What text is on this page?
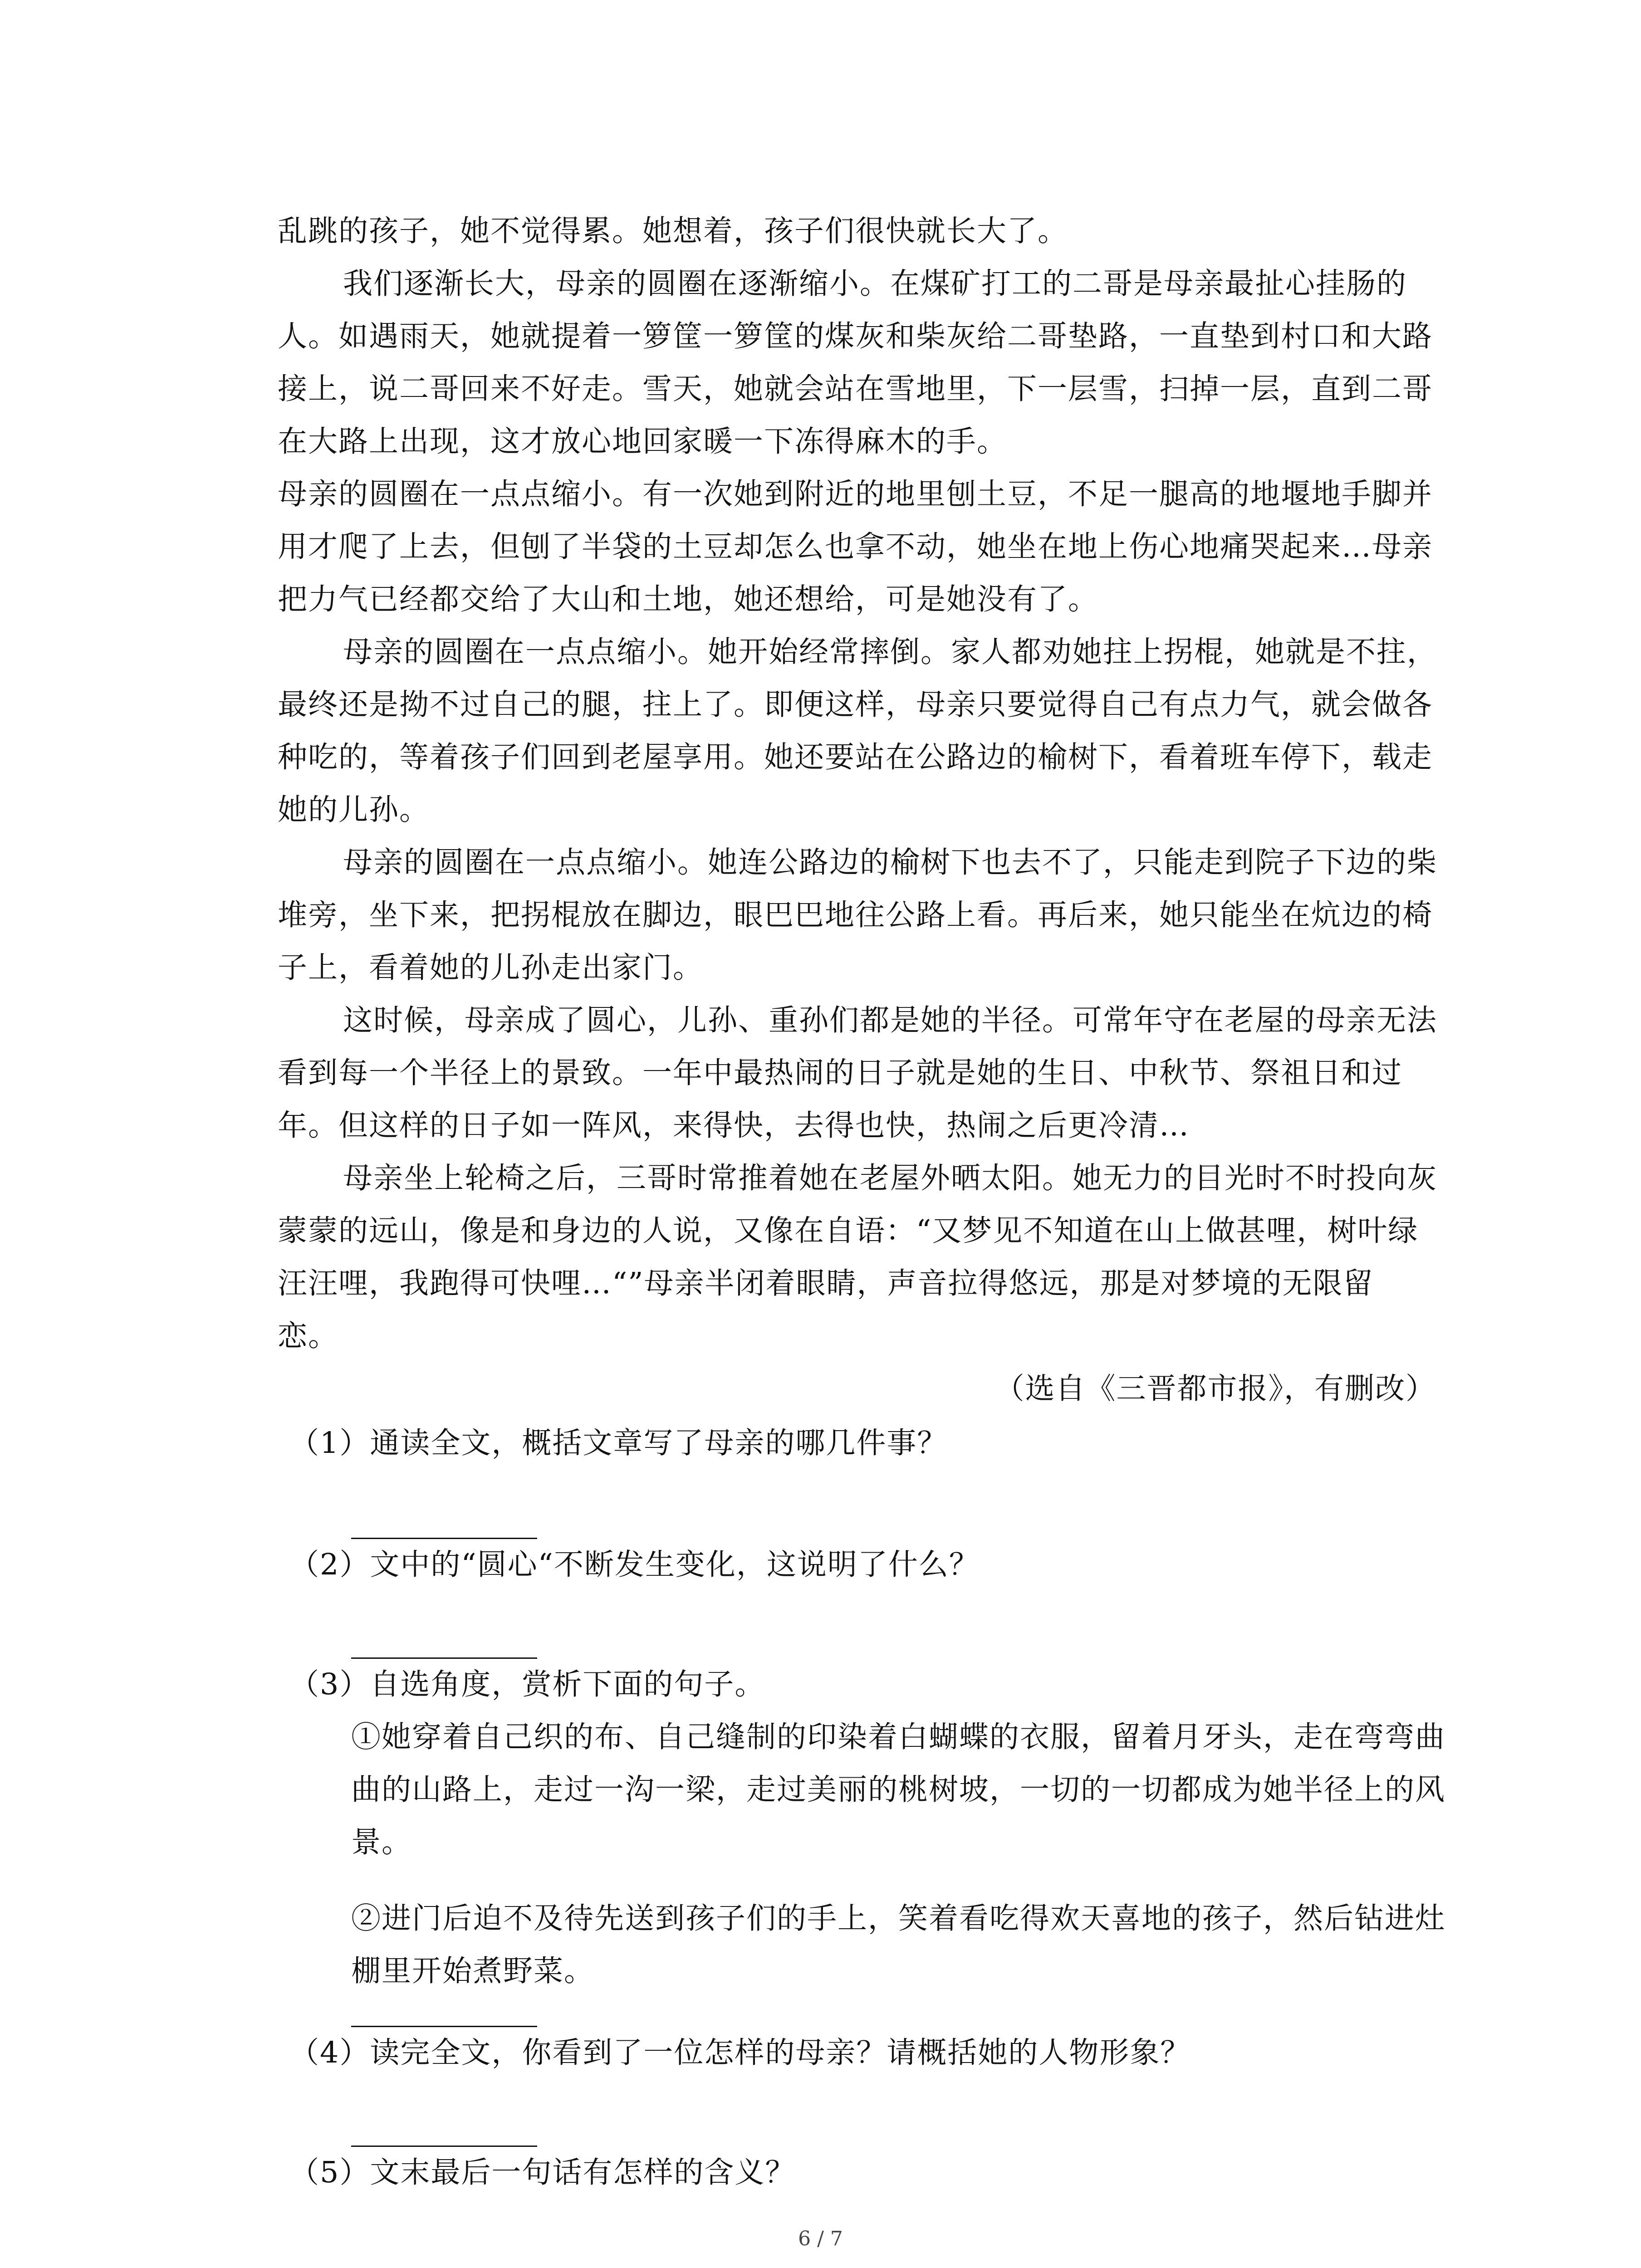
乱跳的孩子，她不觉得累。她想着，孩子们很快就长大了。
我们逐渐长大，母亲的圆圈在逐渐缩小。在煤矿打工的二哥是母亲最扯心挂肠的
人。如遇雨天，她就提着一箩筐一箩筐的煤灰和柴灰给二哥垫路，一直垫到村口和大路
接上，说二哥回来不好走。雪天，她就会站在雪地里，下一层雪，扫掉一层，直到二哥
在大路上出现，这才放心地回家暖一下冻得麻木的手。
母亲的圆圈在一点点缩小。有一次她到附近的地里刨土豆，不足一腿高的地堰地手脚并
用才爬了上去，但刨了半袋的土豆却怎么也拿不动，她坐在地上伤心地痛哭起来…母亲
把力气已经都交给了大山和土地，她还想给，可是她没有了。
母亲的圆圈在一点点缩小。她开始经常摔倒。家人都劝她拄上拐棍，她就是不拄，
最终还是拗不过自己的腿，拄上了。即便这样，母亲只要觉得自己有点力气，就会做各
种吃的，等着孩子们回到老屋享用。她还要站在公路边的榆树下，看着班车停下，载走
她的儿孙。
母亲的圆圈在一点点缩小。她连公路边的榆树下也去不了，只能走到院子下边的柴
堆旁，坐下来，把拐棍放在脚边，眼巴巴地往公路上看。再后来，她只能坐在炕边的椅
子上，看着她的儿孙走出家门。
这时候，母亲成了圆心，儿孙、重孙们都是她的半径。可常年守在老屋的母亲无法
看到每一个半径上的景致。一年中最热闹的日子就是她的生日、中秋节、祭祖日和过
年。但这样的日子如一阵风，来得快，去得也快，热闹之后更冷清…
母亲坐上轮椅之后，三哥时常推着她在老屋外晒太阳。她无力的目光时不时投向灰
蒙蒙的远山，像是和身边的人说，又像在自语：“又梦见不知道在山上做甚哩，树叶绿
汪汪哩，我跑得可快哩…“”母亲半闭着眼睛，声音拉得悠远，那是对梦境的无限留
恋。
（选自《三晋都市报》，有删改）
（1）通读全文，概括文章写了母亲的哪几件事？
（2）文中的“圆心“不断发生变化，这说明了什么？
（3）自选角度，赏析下面的句子。
①她穿着自己织的布、自己缝制的印染着白蝴蝶的衣服，留着月牙头，走在弯弯曲
曲的山路上，走过一沟一梁，走过美丽的桃树坡，一切的一切都成为她半径上的风
景。
②进门后迫不及待先送到孩子们的手上，笑着看吃得欢天喜地的孩子，然后钻进灶
棚里开始煮野菜。
（4）读完全文，你看到了一位怎样的母亲？请概括她的人物形象？
（5）文末最后一句话有怎样的含义？
6 / 7
